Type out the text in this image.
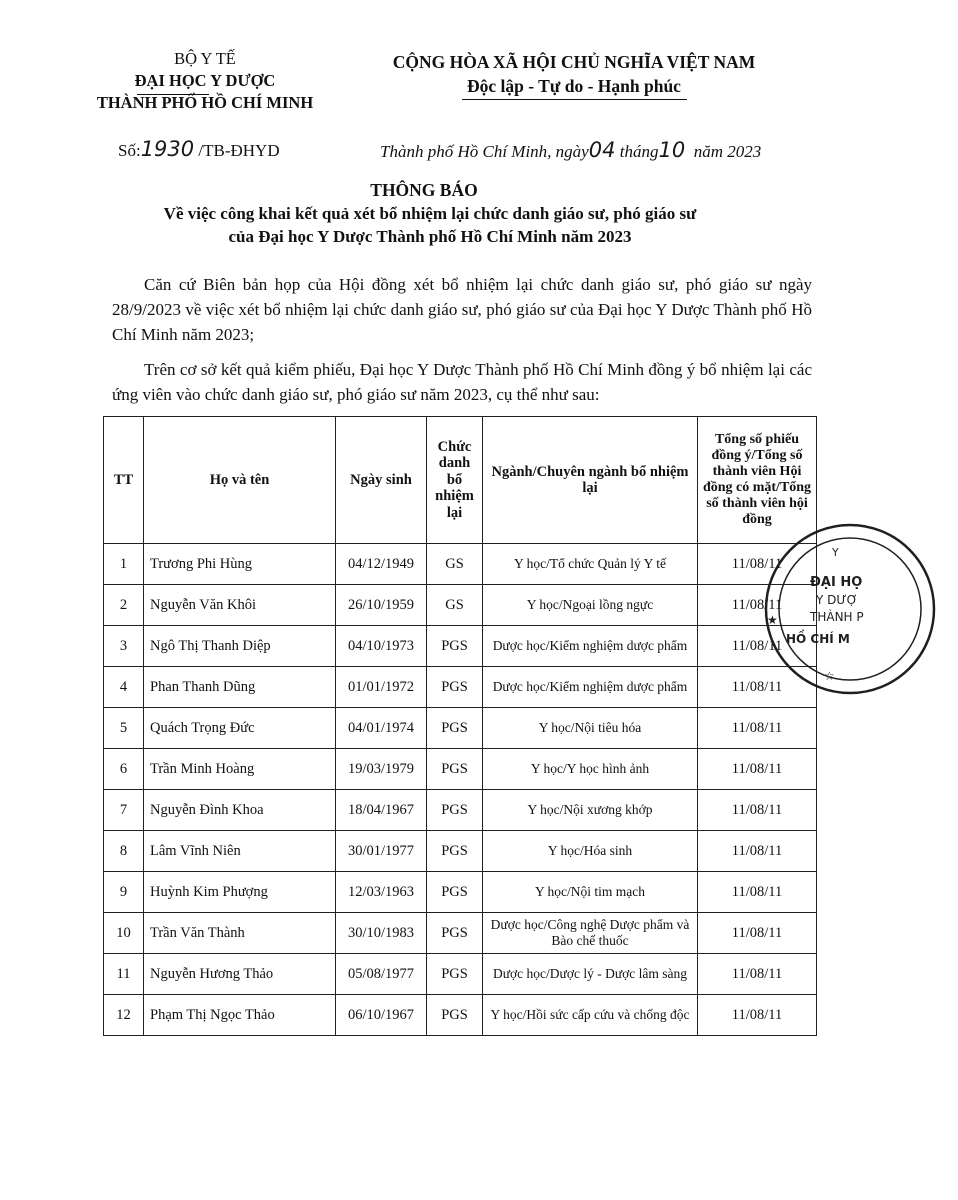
BỘ Y TẾ
ĐẠI HỌC Y DƯỢC
THÀNH PHỐ HỒ CHÍ MINH
CỘNG HÒA XÃ HỘI CHỦ NGHĨA VIỆT NAM
Độc lập - Tự do - Hạnh phúc
Số:1930 /TB-ĐHYD	Thành phố Hồ Chí Minh, ngày04 tháng10 năm 2023
THÔNG BÁO
Về việc công khai kết quả xét bổ nhiệm lại chức danh giáo sư, phó giáo sư
của Đại học Y Dược Thành phố Hồ Chí Minh năm 2023
Căn cứ Biên bản họp của Hội đồng xét bổ nhiệm lại chức danh giáo sư, phó giáo sư ngày 28/9/2023 về việc xét bổ nhiệm lại chức danh giáo sư, phó giáo sư của Đại học Y Dược Thành phố Hồ Chí Minh năm 2023;
Trên cơ sở kết quả kiểm phiếu, Đại học Y Dược Thành phố Hồ Chí Minh đồng ý bổ nhiệm lại các ứng viên vào chức danh giáo sư, phó giáo sư năm 2023, cụ thể như sau:
TT	Họ và tên	Ngày sinh	Chức danh bổ nhiệm lại	Ngành/Chuyên ngành bổ nhiệm lại	Tổng số phiếu đồng ý/Tổng số thành viên Hội đồng có mặt/Tổng số thành viên hội đồng
1	Trương Phi Hùng	04/12/1949	GS	Y học/Tổ chức Quản lý Y tế	11/08/11
2	Nguyễn Văn Khôi	26/10/1959	GS	Y học/Ngoại lồng ngực	11/08/11
3	Ngô Thị Thanh Diệp	04/10/1973	PGS	Dược học/Kiểm nghiệm dược phẩm	11/08/11
4	Phan Thanh Dũng	01/01/1972	PGS	Dược học/Kiểm nghiệm dược phẩm	11/08/11
5	Quách Trọng Đức	04/01/1974	PGS	Y học/Nội tiêu hóa	11/08/11
6	Trần Minh Hoàng	19/03/1979	PGS	Y học/Y học hình ảnh	11/08/11
7	Nguyễn Đình Khoa	18/04/1967	PGS	Y học/Nội xương khớp	11/08/11
8	Lâm Vĩnh Niên	30/01/1977	PGS	Y học/Hóa sinh	11/08/11
9	Huỳnh Kim Phượng	12/03/1963	PGS	Y học/Nội tim mạch	11/08/11
10	Trần Văn Thành	30/10/1983	PGS	Dược học/Công nghệ Dược phẩm và Bào chế thuốc	11/08/11
11	Nguyễn Hương Thảo	05/08/1977	PGS	Dược học/Dược lý - Dược lâm sàng	11/08/11
12	Phạm Thị Ngọc Thảo	06/10/1967	PGS	Y học/Hồi sức cấp cứu và chống độc	11/08/11
Y
ĐẠI HỌ
Y DƯỢ
THÀNH P
HỒ CHÍ M
☆
★
